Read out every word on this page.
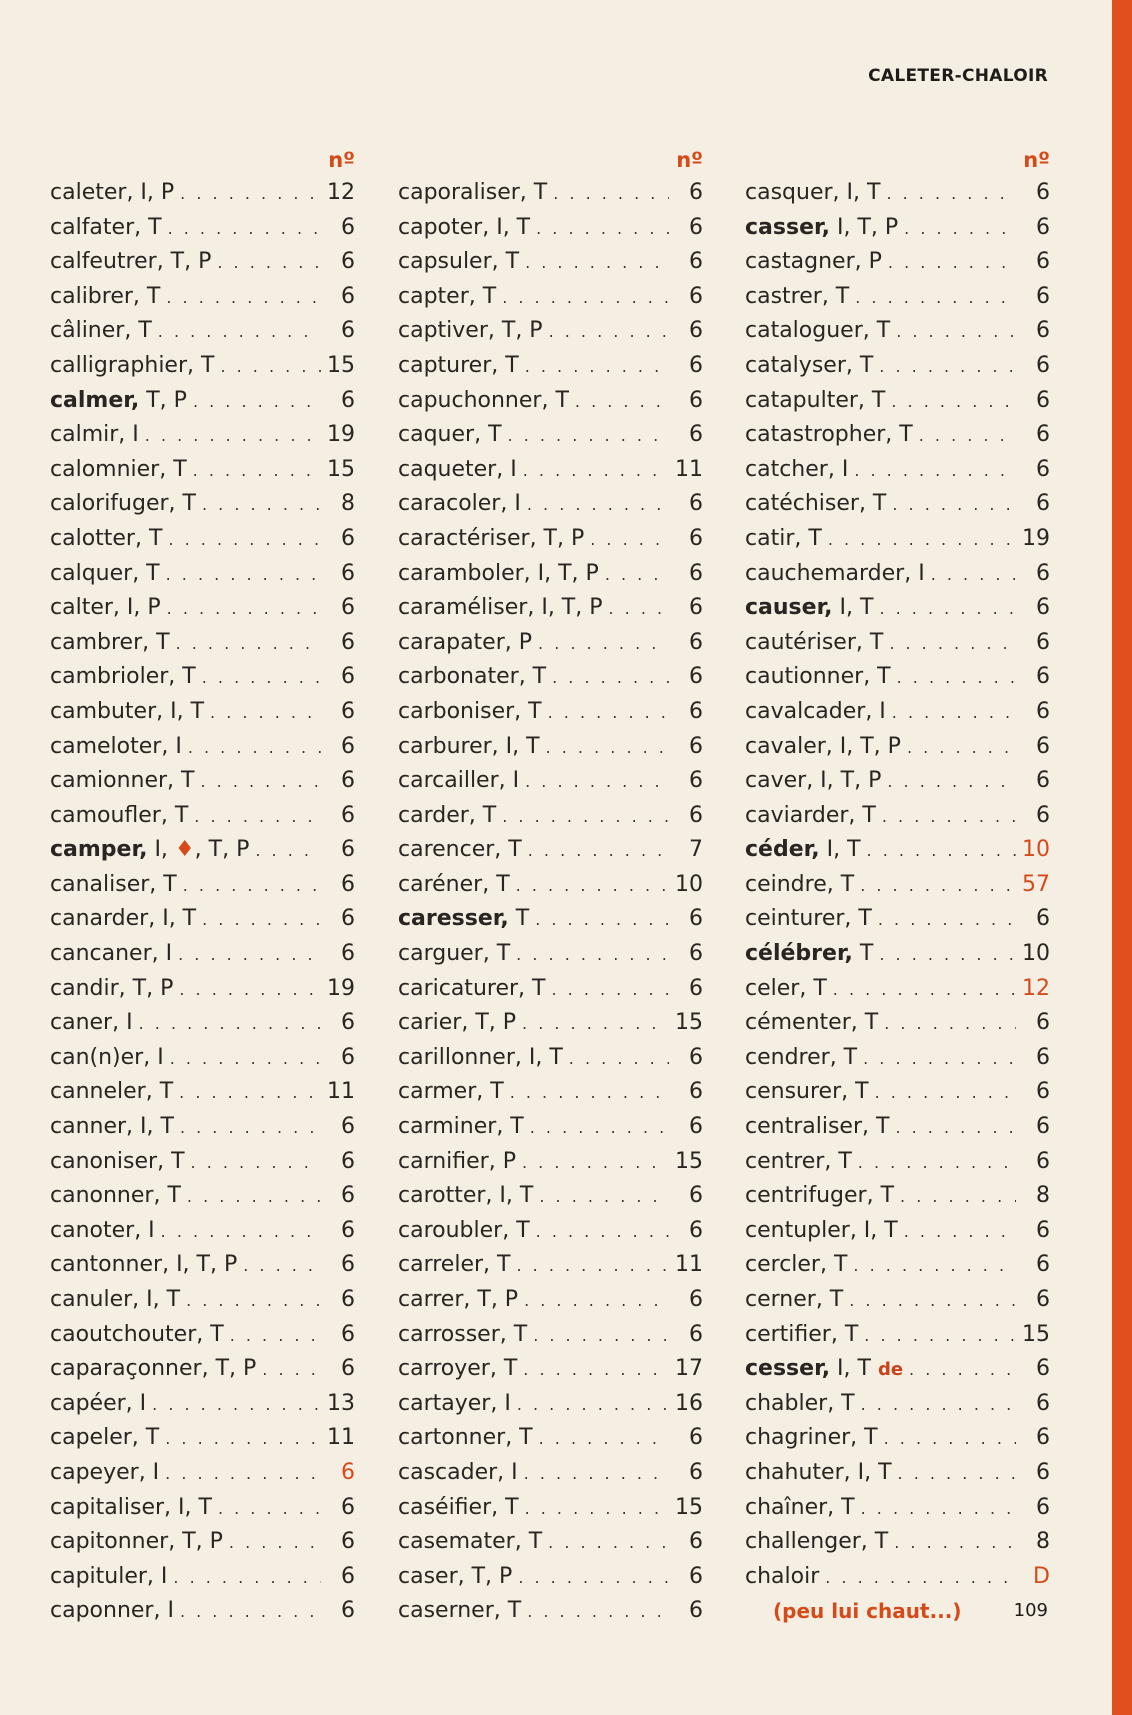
CALETER-CHALOIR
nº
caleter, I, P . . .	12
calfater, T . . .	6
calfeutrer, T, P . . .	6
calibrer, T . . .	6
câliner, T . . .	6
calligraphier, T . . .	15
calmer, T, P . . .	6
calmir, I . . .	19
calomnier, T . . .	15
calorifuger, T . . .	8
calotter, T . . .	6
calquer, T . . .	6
calter, I, P . . .	6
cambrer, T . . .	6
cambrioler, T . . .	6
cambuter, I, T . . .	6
cameloter, I . . .	6
camionner, T . . .	6
camoufler, T . . .	6
camper, I, ♦, T, P . . .	6
canaliser, T . . .	6
canarder, I, T . . .	6
cancaner, I . . .	6
candir, T, P . . .	19
caner, I . . .	6
can(n)er, I . . .	6
canneler, T . . .	11
canner, I, T . . .	6
canoniser, T . . .	6
canonner, T . . .	6
canoter, I . . .	6
cantonner, I, T, P . . .	6
canuler, I, T . . .	6
caoutchouter, T . . .	6
caparaçonner, T, P . . .	6
capéer, I . . .	13
capeler, T . . .	11
capeyer, I . . .	6
capitaliser, I, T . . .	6
capitonner, T, P . . .	6
capituler, I . . .	6
caponner, I . . .	6
nº
caporaliser, T . . .	6
capoter, I, T . . .	6
capsuler, T . . .	6
capter, T . . .	6
captiver, T, P . . .	6
capturer, T . . .	6
capuchonner, T . . .	6
caquer, T . . .	6
caqueter, I . . .	11
caracoler, I . . .	6
caractériser, T, P . . .	6
caramboler, I, T, P . . .	6
caraméliser, I, T, P . . .	6
carapater, P . . .	6
carbonater, T . . .	6
carboniser, T . . .	6
carburer, I, T . . .	6
carcailler, I . . .	6
carder, T . . .	6
carencer, T . . .	7
caréner, T . . .	10
caresser, T . . .	6
carguer, T . . .	6
caricaturer, T . . .	6
carier, T, P . . .	15
carillonner, I, T . . .	6
carmer, T . . .	6
carminer, T . . .	6
carnifier, P . . .	15
carotter, I, T . . .	6
caroubler, T . . .	6
carreler, T . . .	11
carrer, T, P . . .	6
carrosser, T . . .	6
carroyer, T . . .	17
cartayer, I . . .	16
cartonner, T . . .	6
cascader, I . . .	6
caséifier, T . . .	15
casemater, T . . .	6
caser, T, P . . .	6
caserner, T . . .	6
nº
casquer, I, T . . .	6
casser, I, T, P . . .	6
castagner, P . . .	6
castrer, T . . .	6
cataloguer, T . . .	6
catalyser, T . . .	6
catapulter, T . . .	6
catastropher, T . . .	6
catcher, I . . .	6
catéchiser, T . . .	6
catir, T . . .	19
cauchemarder, I . . .	6
causer, I, T . . .	6
cautériser, T . . .	6
cautionner, T . . .	6
cavalcader, I . . .	6
cavaler, I, T, P . . .	6
caver, I, T, P . . .	6
caviarder, T . . .	6
céder, I, T . . .	10
ceindre, T . . .	57
ceinturer, T . . .	6
célébrer, T . . .	10
celer, T . . .	12
cémenter, T . . .	6
cendrer, T . . .	6
censurer, T . . .	6
centraliser, T . . .	6
centrer, T . . .	6
centrifuger, T . . .	8
centupler, I, T . . .	6
cercler, T . . .	6
cerner, T . . .	6
certifier, T . . .	15
cesser, I, T de . . .	6
chabler, T . . .	6
chagriner, T . . .	6
chahuter, I, T . . .	6
chaîner, T . . .	6
challenger, T . . .	8
chaloir . . .	D
(peu lui chaut...)	109
